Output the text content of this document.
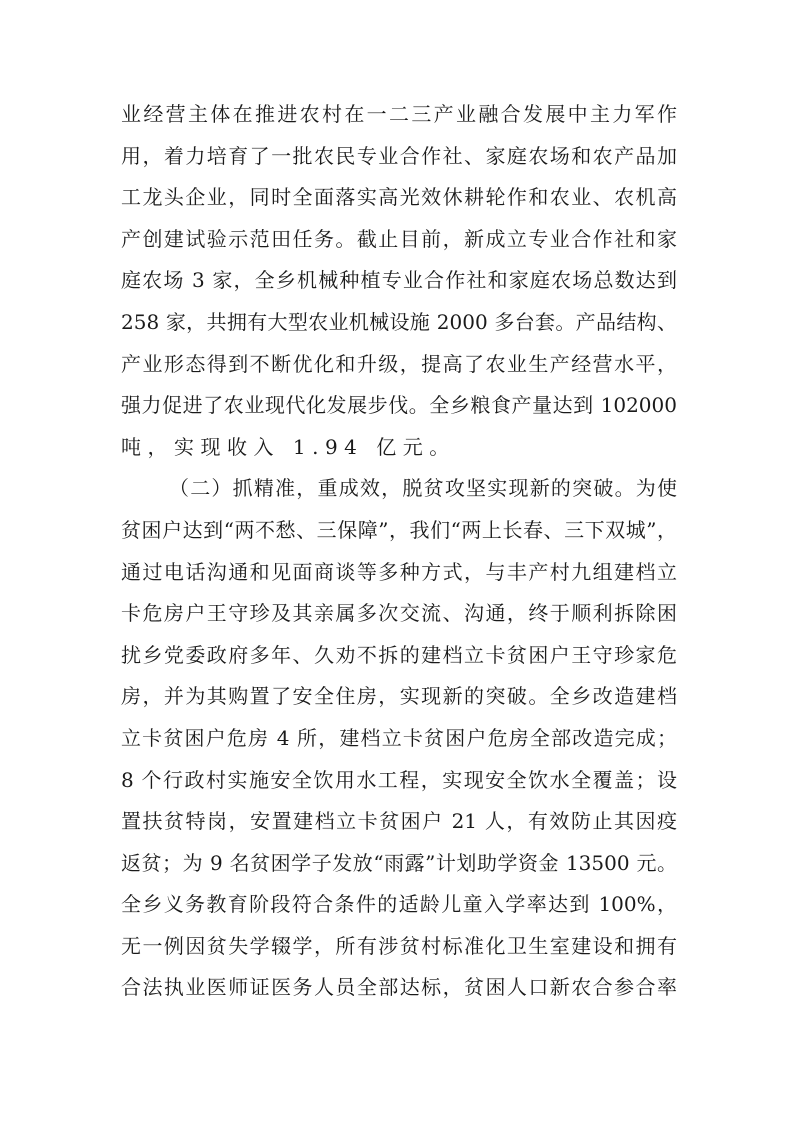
业经营主体在推进农村在一二三产业融合发展中主力军作
用，着力培育了一批农民专业合作社、家庭农场和农产品加
工龙头企业，同时全面落实高光效休耕轮作和农业、农机高
产创建试验示范田任务。截止目前，新成立专业合作社和家
庭农场 3 家，全乡机械种植专业合作社和家庭农场总数达到
258 家，共拥有大型农业机械设施 2000 多台套。产品结构、
产业形态得到不断优化和升级，提高了农业生产经营水平，
强力促进了农业现代化发展步伐。全乡粮食产量达到 102000
吨，实现收入 1.94 亿元。
（二）抓精准，重成效，脱贫攻坚实现新的突破。为使
贫困户达到“两不愁、三保障”，我们“两上长春、三下双城”，
通过电话沟通和见面商谈等多种方式，与丰产村九组建档立
卡危房户王守珍及其亲属多次交流、沟通，终于顺利拆除困
扰乡党委政府多年、久劝不拆的建档立卡贫困户王守珍家危
房，并为其购置了安全住房，实现新的突破。全乡改造建档
立卡贫困户危房 4 所，建档立卡贫困户危房全部改造完成；
8 个行政村实施安全饮用水工程，实现安全饮水全覆盖；设
置扶贫特岗，安置建档立卡贫困户 21 人，有效防止其因疫
返贫；为 9 名贫困学子发放“雨露”计划助学资金 13500 元。
全乡义务教育阶段符合条件的适龄儿童入学率达到 100%，
无一例因贫失学辍学，所有涉贫村标准化卫生室建设和拥有
合法执业医师证医务人员全部达标，贫困人口新农合参合率
